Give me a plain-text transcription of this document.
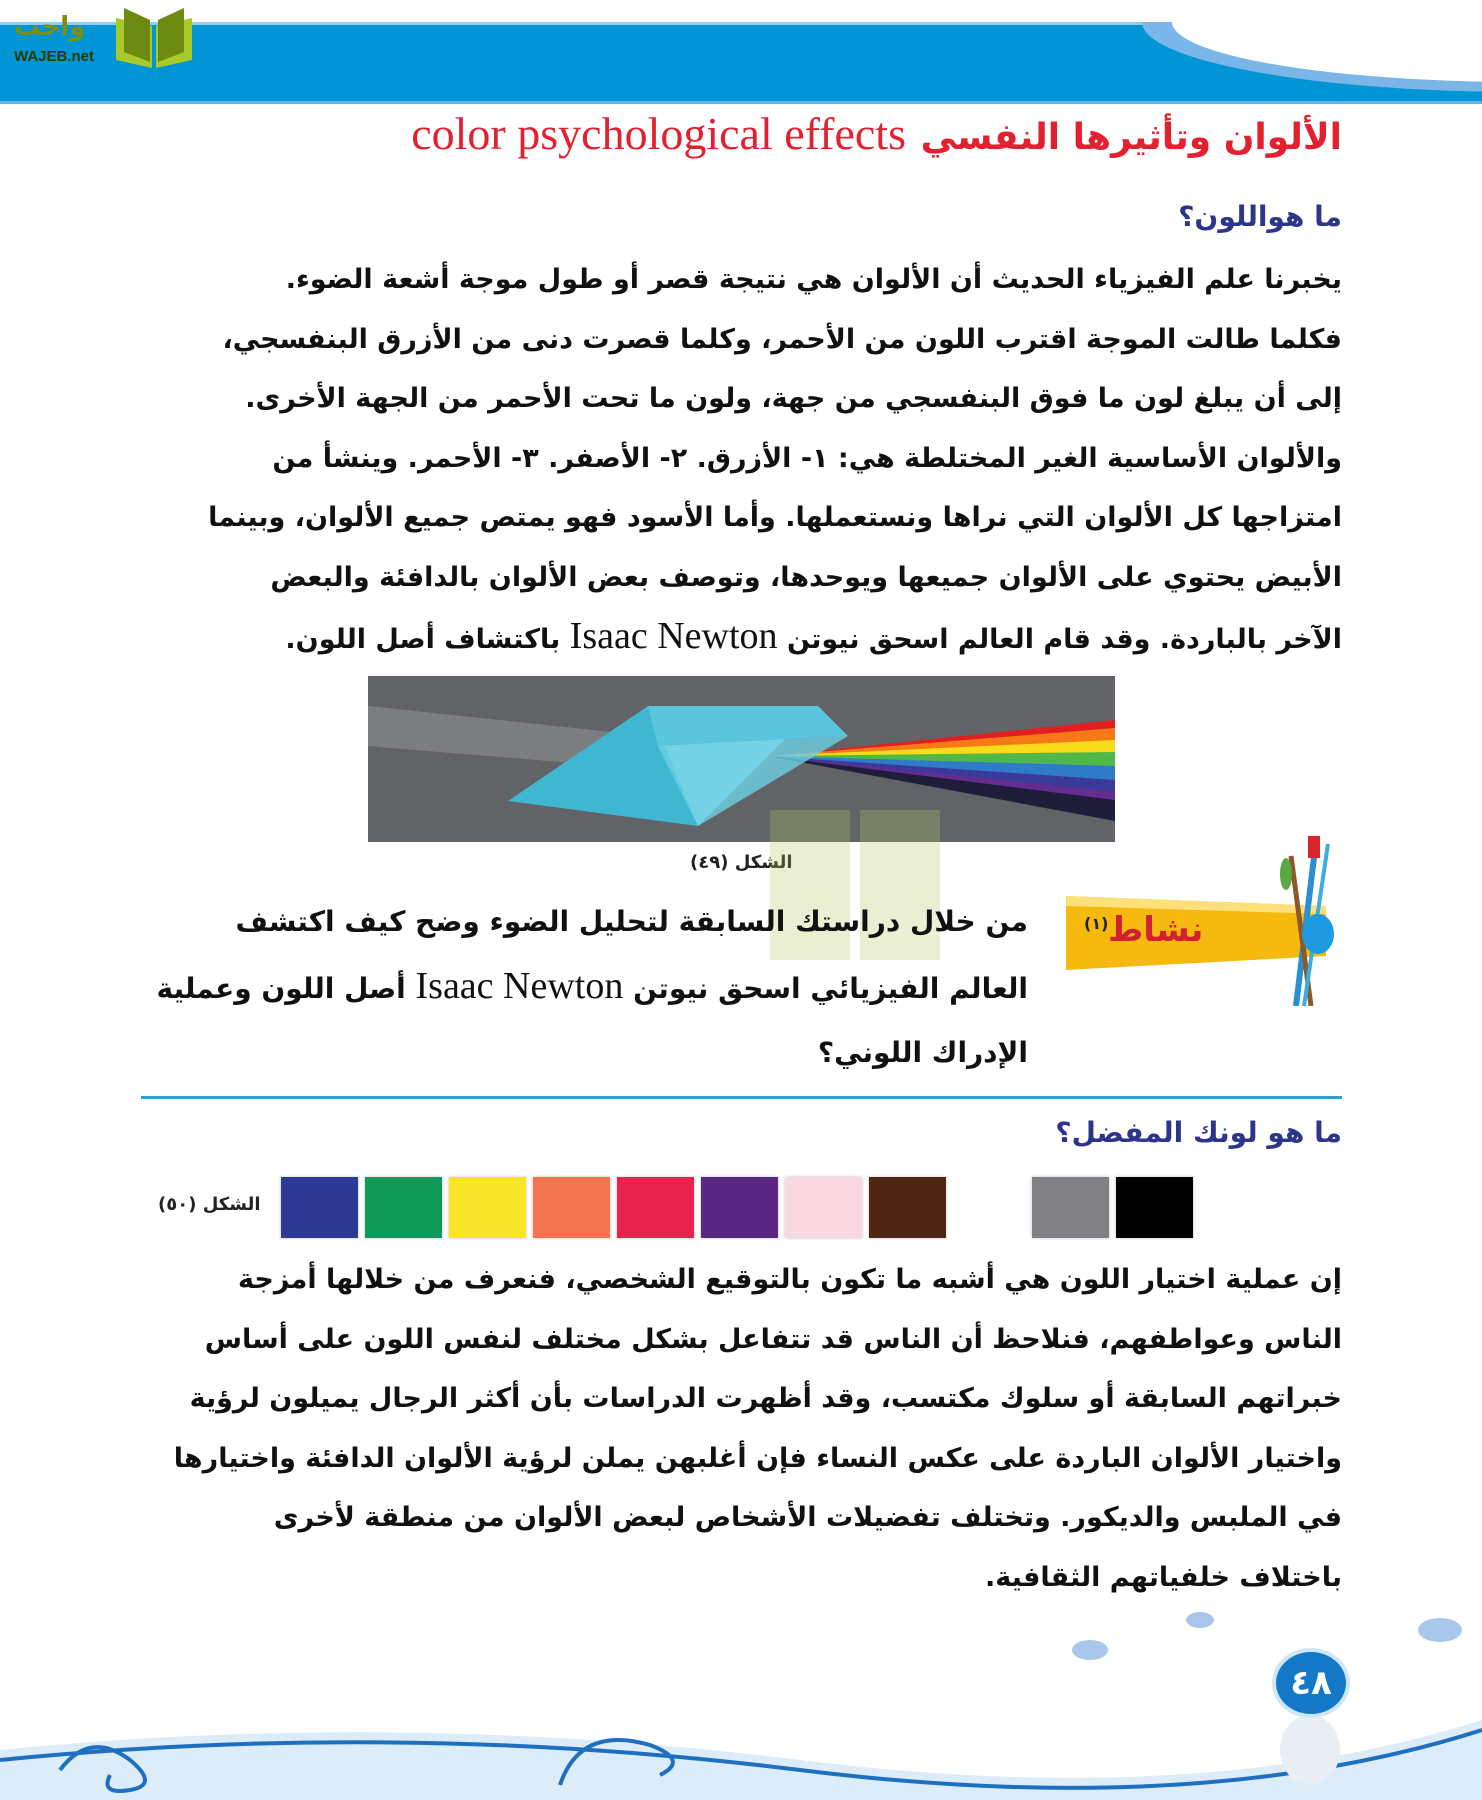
واجب
WAJEB.net
الألوان وتأثيرها النفسي color psychological effects
ما هواللون؟
يخبرنا علم الفيزياء الحديث أن الألوان هي نتيجة قصر أو طول موجة أشعة الضوء.
فكلما طالت الموجة اقترب اللون من الأحمر، وكلما قصرت دنى من الأزرق البنفسجي،
إلى أن يبلغ لون ما فوق البنفسجي من جهة، ولون ما تحت الأحمر من الجهة الأخرى.
والألوان الأساسية الغير المختلطة هي: ١- الأزرق. ٢- الأصفر. ٣- الأحمر. وينشأ من
امتزاجها كل الألوان التي نراها ونستعملها. وأما الأسود فهو يمتص جميع الألوان، وبينما
الأبيض يحتوي على الألوان جميعها ويوحدها، وتوصف بعض الألوان بالدافئة والبعض
الآخر بالباردة. وقد قام العالم اسحق نيوتن Isaac Newton باكتشاف أصل اللون.
الشكل (٤٩)
نشاط
(١)
من خلال دراستك السابقة لتحليل الضوء وضح كيف اكتشف
العالم الفيزيائي اسحق نيوتن Isaac Newton أصل اللون وعملية
الإدراك اللوني؟
ما هو لونك المفضل؟
الشكل (٥٠)
إن عملية اختيار اللون هي أشبه ما تكون بالتوقيع الشخصي، فنعرف من خلالها أمزجة
الناس وعواطفهم، فنلاحظ أن الناس قد تتفاعل بشكل مختلف لنفس اللون على أساس
خبراتهم السابقة أو سلوك مكتسب، وقد أظهرت الدراسات بأن أكثر الرجال يميلون لرؤية
واختيار الألوان الباردة على عكس النساء فإن أغلبهن يملن لرؤية الألوان الدافئة واختيارها
في الملبس والديكور. وتختلف تفضيلات الأشخاص لبعض الألوان من منطقة لأخرى
باختلاف خلفياتهم الثقافية.
٤٨
